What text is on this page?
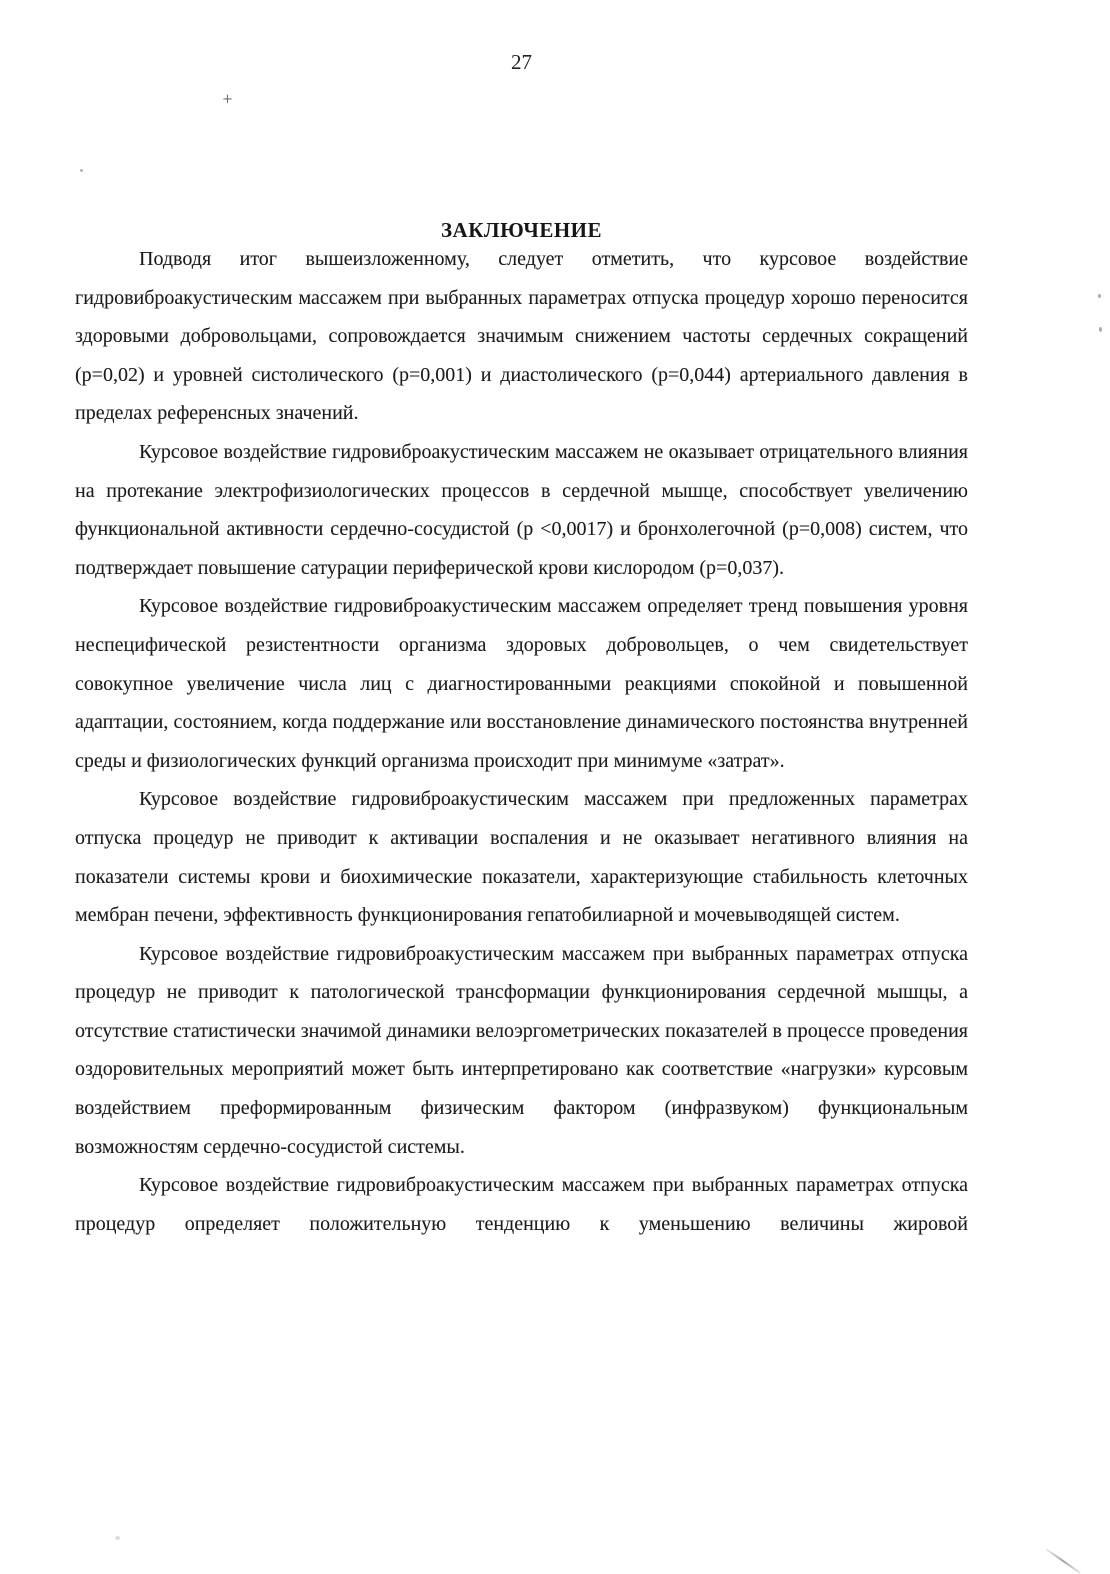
27
+
ЗАКЛЮЧЕНИЕ

Подводя итог вышеизложенному, следует отметить, что курсовое воздействие гидровиброакустическим массажем при выбранных параметрах отпуска процедур хорошо переносится здоровыми добровольцами, сопровождается значимым снижением частоты сердечных сокращений (р=0,02) и уровней систолического (р=0,001) и диастолического (р=0,044) артериального давления в пределах референсных значений.

Курсовое воздействие гидровиброакустическим массажем не оказывает отрицательного влияния на протекание электрофизиологических процессов в сердечной мышце, способствует увеличению функциональной активности сердечно-сосудистой (р <0,0017) и бронхолегочной (р=0,008) систем, что подтверждает повышение сатурации периферической крови кислородом (р=0,037).

Курсовое воздействие гидровиброакустическим массажем определяет тренд повышения уровня неспецифической резистентности организма здоровых добровольцев, о чем свидетельствует совокупное увеличение числа лиц с диагностированными реакциями спокойной и повышенной адаптации, состоянием, когда поддержание или восстановление динамического постоянства внутренней среды и физиологических функций организма происходит при минимуме «затрат».

Курсовое воздействие гидровиброакустическим массажем при предложенных параметрах отпуска процедур не приводит к активации воспаления и не оказывает негативного влияния на показатели системы крови и биохимические показатели, характеризующие стабильность клеточных мембран печени, эффективность функционирования гепатобилиарной и мочевыводящей систем.

Курсовое воздействие гидровиброакустическим массажем при выбранных параметрах отпуска процедур не приводит к патологической трансформации функционирования сердечной мышцы, а отсутствие статистически значимой динамики велоэргометрических показателей в процессе проведения оздоровительных мероприятий может быть интерпретировано как соответствие «нагрузки» курсовым воздействием преформированным физическим фактором (инфразвуком) функциональным возможностям сердечно-сосудистой системы.

Курсовое воздействие гидровиброакустическим массажем при выбранных параметрах отпуска процедур определяет положительную тенденцию к уменьшению величины жировой
